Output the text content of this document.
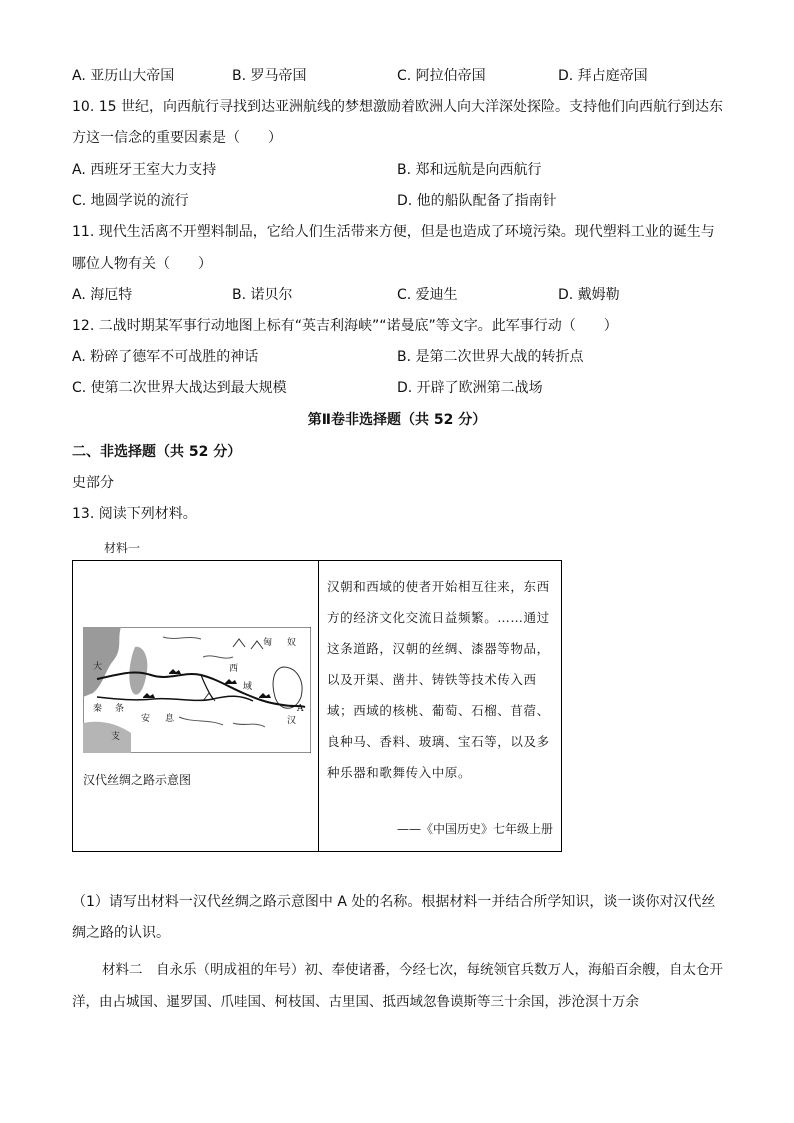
A. 亚历山大帝国	B. 罗马帝国	C. 阿拉伯帝国	D. 拜占庭帝国
10. 15 世纪，向西航行寻找到达亚洲航线的梦想激励着欧洲人向大洋深处探险。支持他们向西航行到达东
方这一信念的重要因素是（　　）
A. 西班牙王室大力支持	B. 郑和远航是向西航行
C. 地圆学说的流行	D. 他的船队配备了指南针
11. 现代生活离不开塑料制品，它给人们生活带来方便，但是也造成了环境污染。现代塑料工业的诞生与
哪位人物有关（　　）
A. 海厄特	B. 诺贝尔	C. 爱迪生	D. 戴姆勒
12. 二战时期某军事行动地图上标有“英吉利海峡”“诺曼底”等文字。此军事行动（　　）
A. 粉碎了德军不可战胜的神话	B. 是第二次世界大战的转折点
C. 使第二次世界大战达到最大规模	D. 开辟了欧洲第二战场
第Ⅱ卷非选择题（共 52 分）
二、非选择题（共 52 分）
史部分
13. 阅读下列材料。
材料一
匈 奴
大
秦 条
支
安 息
西
域
汉
A
汉代丝绸之路示意图
汉朝和西域的使者开始相互往来，东西方的经济文化交流日益频繁。……通过这条道路，汉朝的丝绸、漆器等物品，以及开渠、凿井、铸铁等技术传入西域；西域的核桃、葡萄、石榴、苜蓿、良种马、香料、玻璃、宝石等，以及多种乐器和歌舞传入中原。
——《中国历史》七年级上册
（1）请写出材料一汉代丝绸之路示意图中 A 处的名称。根据材料一并结合所学知识，谈一谈你对汉代丝
绸之路的认识。
材料二　自永乐（明成祖的年号）初、奉使诸番，今经七次，每统领官兵数万人，海船百余艘，自太仓开洋，由占城国、暹罗国、爪哇国、柯枝国、古里国、抵西域忽鲁谟斯等三十余国，涉沧溟十万余
